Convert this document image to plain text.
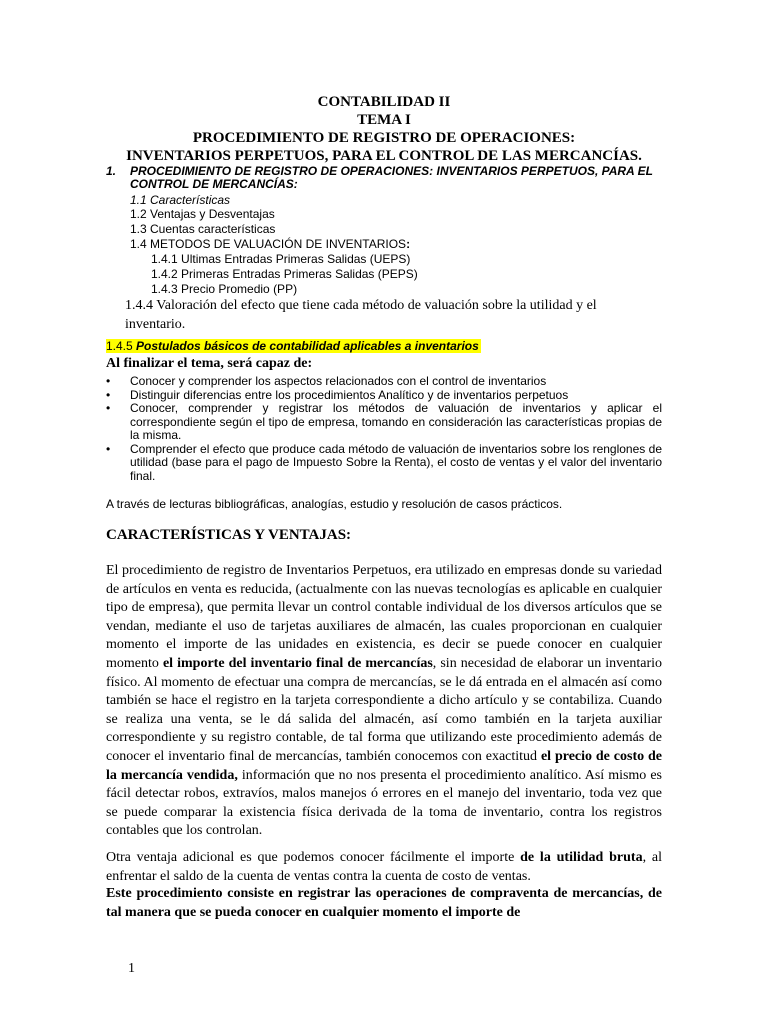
CONTABILIDAD II
TEMA I
PROCEDIMIENTO DE REGISTRO DE OPERACIONES:
INVENTARIOS PERPETUOS, PARA EL CONTROL DE LAS MERCANCÍAS.
1. PROCEDIMIENTO DE REGISTRO DE OPERACIONES: INVENTARIOS PERPETUOS, PARA EL CONTROL DE MERCANCÍAS:
1.1 Características
1.2 Ventajas y Desventajas
1.3 Cuentas características
1.4 METODOS DE VALUACIÓN DE INVENTARIOS:
1.4.1 Ultimas Entradas Primeras Salidas (UEPS)
1.4.2 Primeras Entradas Primeras Salidas (PEPS)
1.4.3 Precio Promedio (PP)
1.4.4 Valoración del efecto que tiene cada método de valuación sobre la utilidad y el
inventario.
1.4.5 Postulados básicos de contabilidad aplicables a inventarios
Al finalizar el tema, será capaz de:
• Conocer y comprender los aspectos relacionados con el control de inventarios
• Distinguir diferencias entre los procedimientos Analítico y de inventarios perpetuos
• Conocer, comprender y registrar los métodos de valuación de inventarios y aplicar el correspondiente según el tipo de empresa, tomando en consideración las características propias de la misma.
• Comprender el efecto que produce cada método de valuación de inventarios sobre los renglones de utilidad (base para el pago de Impuesto Sobre la Renta), el costo de ventas y el valor del inventario final.
A través de lecturas bibliográficas, analogías, estudio y resolución de casos prácticos.
CARACTERÍSTICAS Y VENTAJAS:
El procedimiento de registro de Inventarios Perpetuos, era utilizado en empresas donde su variedad de artículos en venta es reducida, (actualmente con las nuevas tecnologías es aplicable en cualquier tipo de empresa), que permita llevar un control contable individual de los diversos artículos que se vendan, mediante el uso de tarjetas auxiliares de almacén, las cuales proporcionan en cualquier momento el importe de las unidades en existencia, es decir se puede conocer en cualquier momento el importe del inventario final de mercancías, sin necesidad de elaborar un inventario físico. Al momento de efectuar una compra de mercancías, se le dá entrada en el almacén así como también se hace el registro en la tarjeta correspondiente a dicho artículo y se contabiliza. Cuando se realiza una venta, se le dá salida del almacén, así como también en la tarjeta auxiliar correspondiente y su registro contable, de tal forma que utilizando este procedimiento además de conocer el inventario final de mercancías, también conocemos con exactitud el precio de costo de la mercancía vendida, información que no nos presenta el procedimiento analítico. Así mismo es fácil detectar robos, extravíos, malos manejos ó errores en el manejo del inventario, toda vez que se puede comparar la existencia física derivada de la toma de inventario, contra los registros contables que los controlan.
Otra ventaja adicional es que podemos conocer fácilmente el importe de la utilidad bruta, al enfrentar el saldo de la cuenta de ventas contra la cuenta de costo de ventas.
Este procedimiento consiste en registrar las operaciones de compraventa de mercancías, de tal manera que se pueda conocer en cualquier momento el importe de
1
